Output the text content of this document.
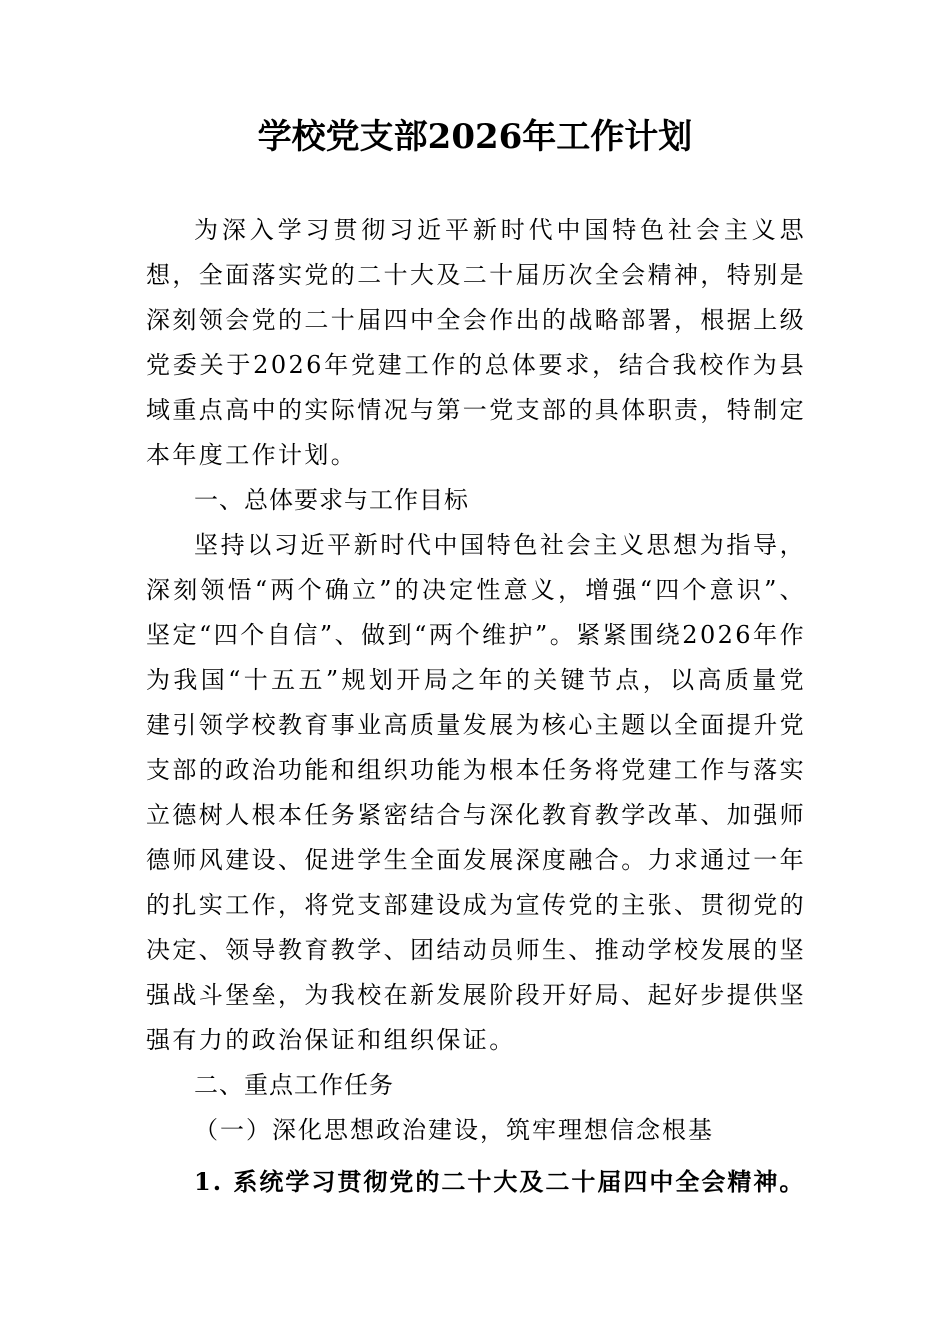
学校党支部2026年工作计划

为深入学习贯彻习近平新时代中国特色社会主义思想，全面落实党的二十大及二十届历次全会精神，特别是深刻领会党的二十届四中全会作出的战略部署，根据上级党委关于2026年党建工作的总体要求，结合我校作为县域重点高中的实际情况与第一党支部的具体职责，特制定本年度工作计划。

一、总体要求与工作目标

坚持以习近平新时代中国特色社会主义思想为指导，深刻领悟“两个确立”的决定性意义，增强“四个意识”、坚定“四个自信”、做到“两个维护”。紧紧围绕2026年作为我国“十五五”规划开局之年的关键节点，以高质量党建引领学校教育事业高质量发展为核心主题以全面提升党支部的政治功能和组织功能为根本任务将党建工作与落实立德树人根本任务紧密结合与深化教育教学改革、加强师德师风建设、促进学生全面发展深度融合。力求通过一年的扎实工作，将党支部建设成为宣传党的主张、贯彻党的决定、领导教育教学、团结动员师生、推动学校发展的坚强战斗堡垒，为我校在新发展阶段开好局、起好步提供坚强有力的政治保证和组织保证。

二、重点工作任务

（一）深化思想政治建设，筑牢理想信念根基

1. 系统学习贯彻党的二十大及二十届四中全会精神。
